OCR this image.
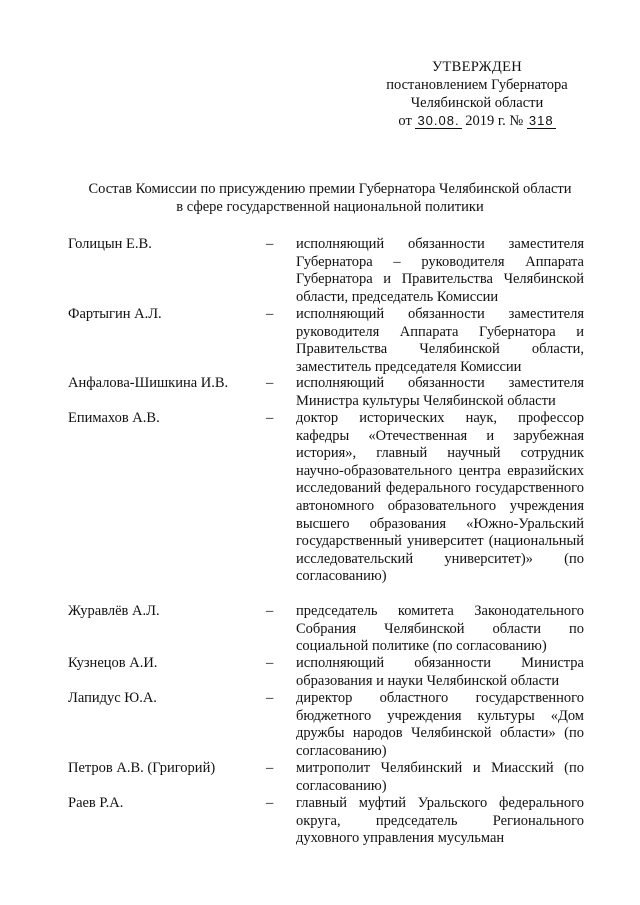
УТВЕРЖДЕН
постановлением Губернатора
Челябинской области
от 30.08. 2019 г. № 318
Состав Комиссии по присуждению премии Губернатора Челябинской области
в сфере государственной национальной политики
Голицын Е.В.	– исполняющий обязанности заместителя Губернатора – руководителя Аппарата Губернатора и Правительства Челябинской области, председатель Комиссии
Фартыгин А.Л.	– исполняющий обязанности заместителя руководителя Аппарата Губернатора и Правительства Челябинской области, заместитель председателя Комиссии
Анфалова-Шишкина И.В.	– исполняющий обязанности заместителя Министра культуры Челябинской области
Епимахов А.В.	– доктор исторических наук, профессор кафедры «Отечественная и зарубежная история», главный научный сотрудник научно-образовательного центра евразийских исследований федерального государственного автономного образовательного учреждения высшего образования «Южно-Уральский государственный университет (национальный исследовательский университет)» (по согласованию)
Журавлёв А.Л.	– председатель комитета Законодательного Собрания Челябинской области по социальной политике (по согласованию)
Кузнецов А.И.	– исполняющий обязанности Министра образования и науки Челябинской области
Лапидус Ю.А.	– директор областного государственного бюджетного учреждения культуры «Дом дружбы народов Челябинской области» (по согласованию)
Петров А.В. (Григорий)	– митрополит Челябинский и Миасский (по согласованию)
Раев Р.А.	– главный муфтий Уральского федерального округа, председатель Регионального духовного управления мусульман
